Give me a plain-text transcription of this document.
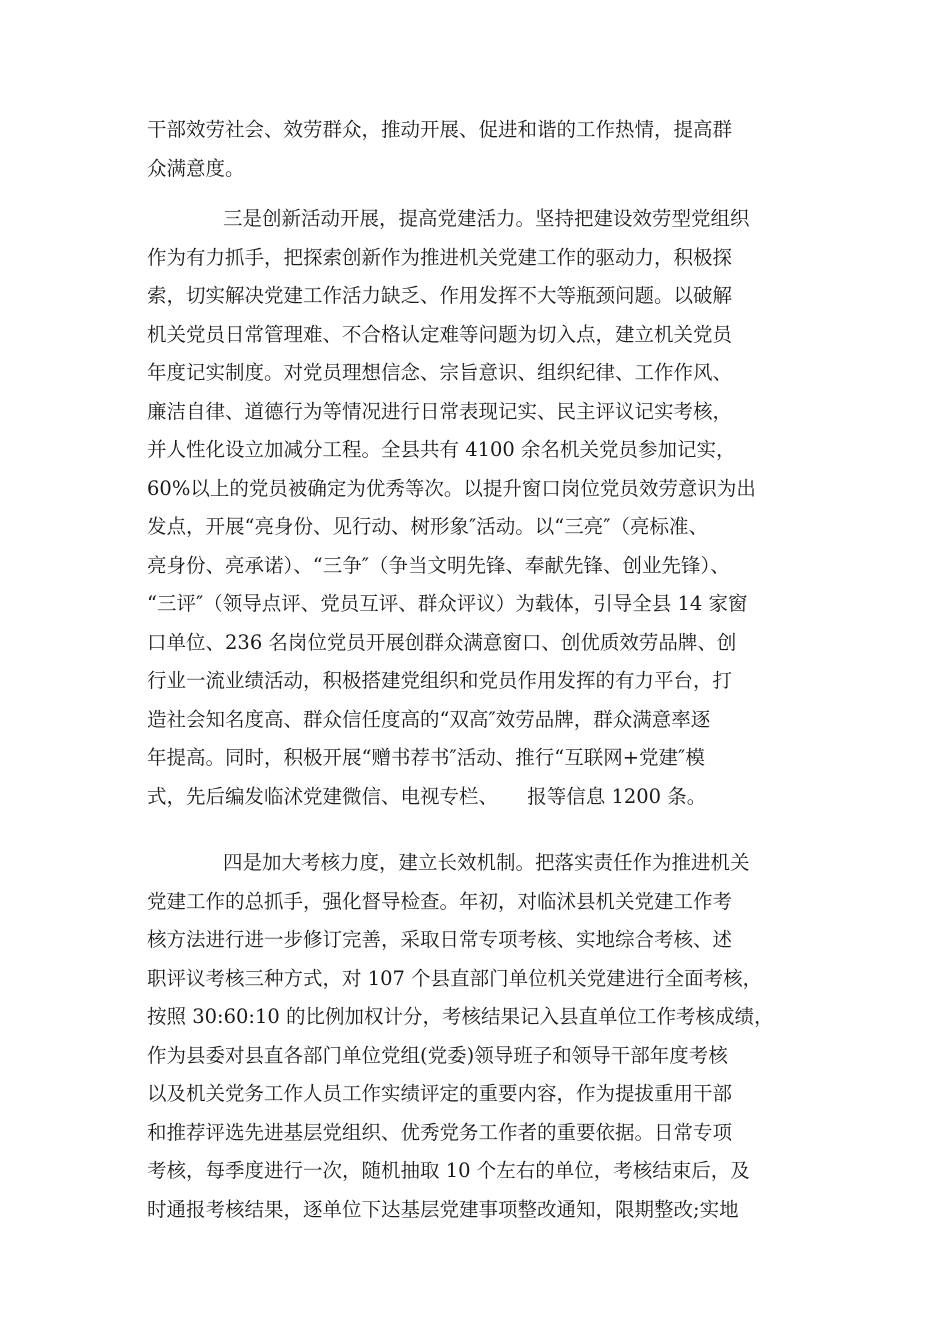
干部效劳社会、效劳群众，推动开展、促进和谐的工作热情，提高群
众满意度。
三是创新活动开展，提高党建活力。坚持把建设效劳型党组织
作为有力抓手，把探索创新作为推进机关党建工作的驱动力，积极探
索，切实解决党建工作活力缺乏、作用发挥不大等瓶颈问题。以破解
机关党员日常管理难、不合格认定难等问题为切入点，建立机关党员
年度记实制度。对党员理想信念、宗旨意识、组织纪律、工作作风、
廉洁自律、道德行为等情况进行日常表现记实、民主评议记实考核，
并人性化设立加减分工程。全县共有 4100 余名机关党员参加记实，
60%以上的党员被确定为优秀等次。以提升窗口岗位党员效劳意识为出
发点，开展“亮身份、见行动、树形象″活动。以“三亮″（亮标准、
亮身份、亮承诺）、“三争″（争当文明先锋、奉献先锋、创业先锋）、
“三评″（领导点评、党员互评、群众评议）为载体，引导全县 14 家窗
口单位、236 名岗位党员开展创群众满意窗口、创优质效劳品牌、创
行业一流业绩活动，积极搭建党组织和党员作用发挥的有力平台，打
造社会知名度高、群众信任度高的“双高″效劳品牌，群众满意率逐
年提高。同时，积极开展“赠书荐书″活动、推行“互联网+党建″模
式，先后编发临沭党建微信、电视专栏、　　报等信息 1200 条。
四是加大考核力度，建立长效机制。把落实责任作为推进机关
党建工作的总抓手，强化督导检查。年初，对临沭县机关党建工作考
核方法进行进一步修订完善，采取日常专项考核、实地综合考核、述
职评议考核三种方式，对 107 个县直部门单位机关党建进行全面考核，
按照 30:60:10 的比例加权计分，考核结果记入县直单位工作考核成绩，
作为县委对县直各部门单位党组(党委)领导班子和领导干部年度考核
以及机关党务工作人员工作实绩评定的重要内容，作为提拔重用干部
和推荐评选先进基层党组织、优秀党务工作者的重要依据。日常专项
考核，每季度进行一次，随机抽取 10 个左右的单位，考核结束后，及
时通报考核结果，逐单位下达基层党建事项整改通知，限期整改;实地
